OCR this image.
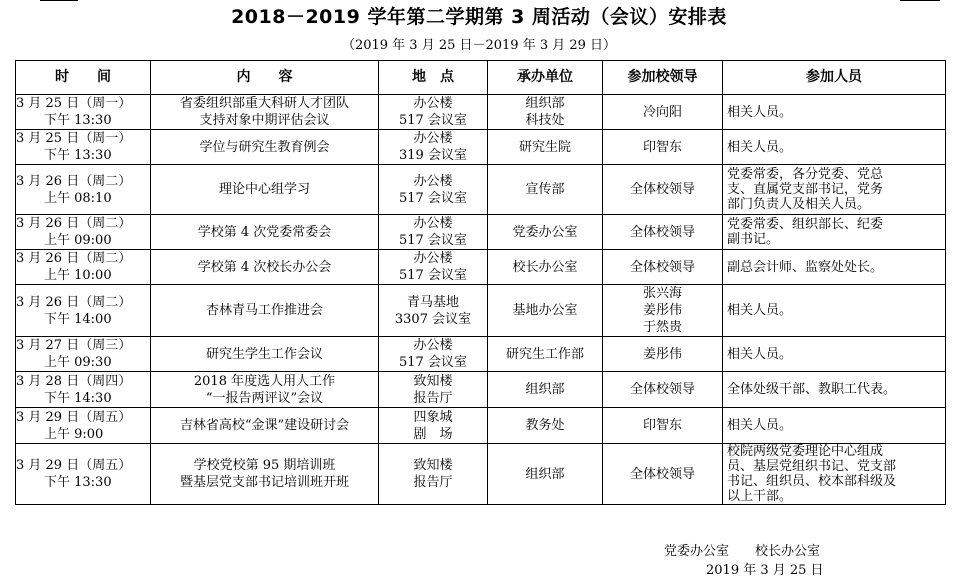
2018－2019 学年第二学期第 3 周活动（会议）安排表
（2019 年 3 月 25 日－2019 年 3 月 29 日）
时　　间	内　　容	地　点	承办单位	参加校领导	参加人员

3 月 25 日（周一）
下午 13:30	省委组织部重大科研人才团队
支持对象中期评估会议	办公楼
517 会议室	组织部
科技处	冷向阳	相关人员。

3 月 25 日（周一）
下午 13:30	学位与研究生教育例会	办公楼
319 会议室	研究生院	印智东	相关人员。

3 月 26 日（周二）
上午 08:10	理论中心组学习	办公楼
517 会议室	宣传部	全体校领导	党委常委，各分党委、党总
支、直属党支部书记，党务
部门负责人及相关人员。

3 月 26 日（周二）
上午 09:00	学校第 4 次党委常委会	办公楼
517 会议室	党委办公室	全体校领导	党委常委、组织部长、纪委
副书记。

3 月 26 日（周二）
上午 10:00	学校第 4 次校长办公会	办公楼
517 会议室	校长办公室	全体校领导	副总会计师、监察处处长。

3 月 26 日（周二）
下午 14:00	杏林青马工作推进会	青马基地
3307 会议室	基地办公室	张兴海
姜彤伟
于然贵	相关人员。

3 月 27 日（周三）
上午 09:30	研究生学生工作会议	办公楼
517 会议室	研究生工作部	姜彤伟	相关人员。

3 月 28 日（周四）
下午 14:30	2018 年度选人用人工作
“一报告两评议”会议	致知楼
报告厅	组织部	全体校领导	全体处级干部、教职工代表。

3 月 29 日（周五）
上午 9:00	吉林省高校“金课”建设研讨会	四象城
剧　场	教务处	印智东	相关人员。

3 月 29 日（周五）
下午 13:30	学校党校第 95 期培训班
暨基层党支部书记培训班开班	致知楼
报告厅	组织部	全体校领导	校院两级党委理论中心组成
员、基层党组织书记、党支部
书记、组织员、校本部科级及
以上干部。
党委办公室　　校长办公室
2019 年 3 月 25 日
